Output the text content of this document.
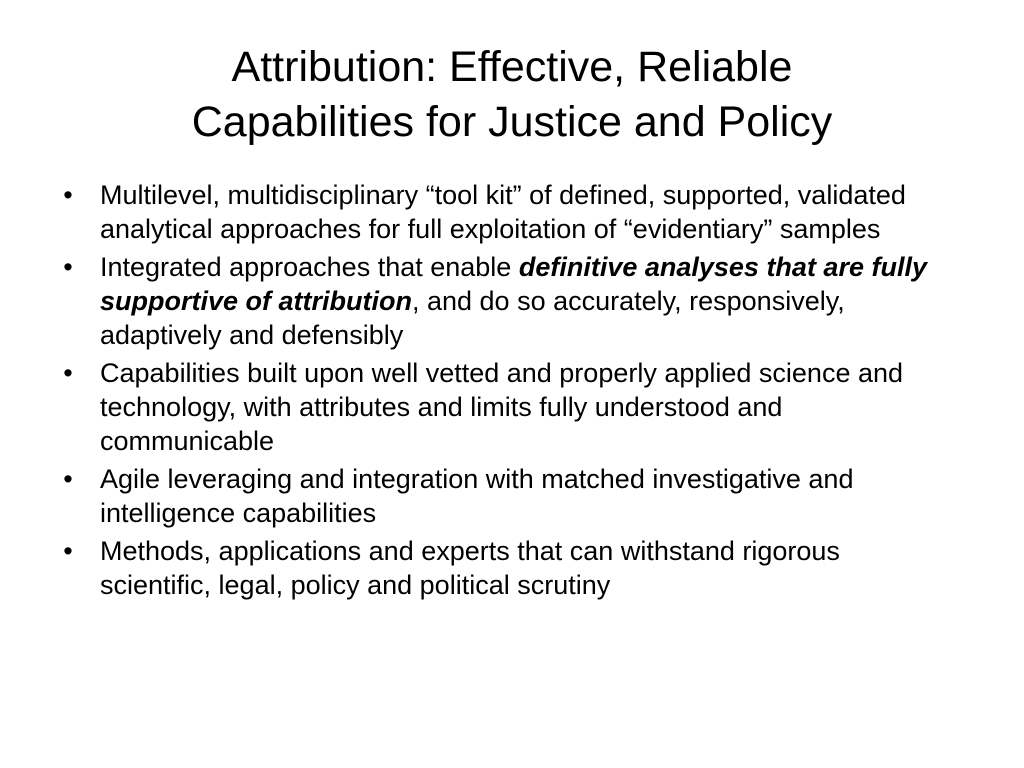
Attribution: Effective, Reliable
Capabilities for Justice and Policy
• Multilevel, multidisciplinary “tool kit” of defined, supported, validated analytical approaches for full exploitation of “evidentiary” samples
• Integrated approaches that enable definitive analyses that are fully supportive of attribution, and do so accurately, responsively, adaptively and defensibly
• Capabilities built upon well vetted and properly applied science and technology, with attributes and limits fully understood and communicable
• Agile leveraging and integration with matched investigative and intelligence capabilities
• Methods, applications and experts that can withstand rigorous scientific, legal, policy and political scrutiny
